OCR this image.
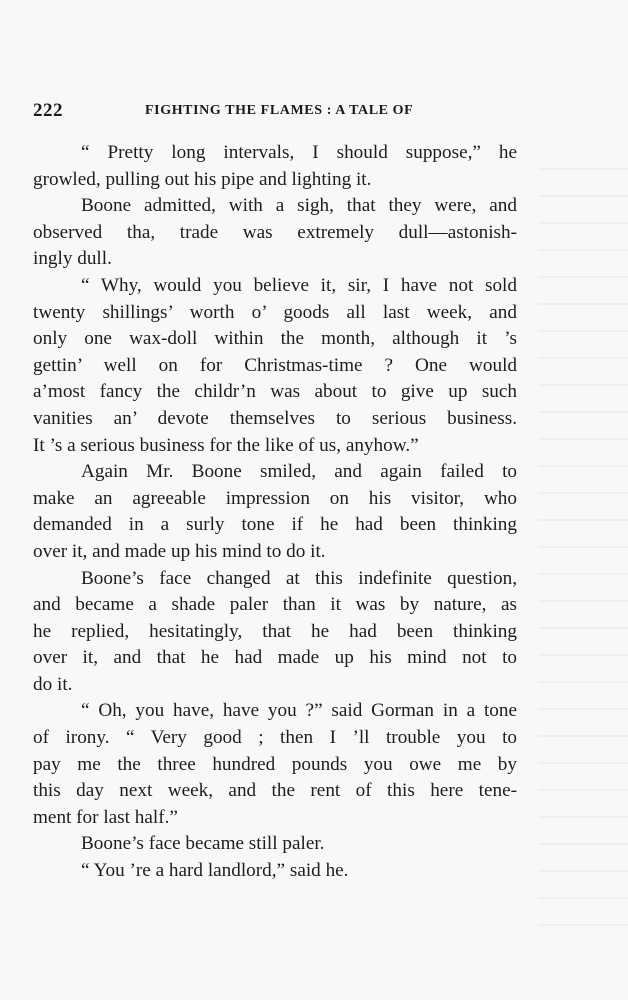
222	FIGHTING THE FLAMES : A TALE OF
“ Pretty long intervals, I should suppose,” he
growled, pulling out his pipe and lighting it.
Boone admitted, with a sigh, that they were, and
observed tha, trade was extremely dull—astonish-
ingly dull.
“ Why, would you believe it, sir, I have not sold
twenty shillings’ worth o’ goods all last week, and
only one wax-doll within the month, although it ’s
gettin’ well on for Christmas-time ? One would
a’most fancy the childr’n was about to give up such
vanities an’ devote themselves to serious business.
It ’s a serious business for the like of us, anyhow.”
Again Mr. Boone smiled, and again failed to
make an agreeable impression on his visitor, who
demanded in a surly tone if he had been thinking
over it, and made up his mind to do it.
Boone’s face changed at this indefinite question,
and became a shade paler than it was by nature, as
he replied, hesitatingly, that he had been thinking
over it, and that he had made up his mind not to
do it.
“ Oh, you have, have you ?” said Gorman in a tone
of irony. “ Very good ; then I ’ll trouble you to
pay me the three hundred pounds you owe me by
this day next week, and the rent of this here tene-
ment for last half.”
Boone’s face became still paler.
“ You ’re a hard landlord,” said he.
